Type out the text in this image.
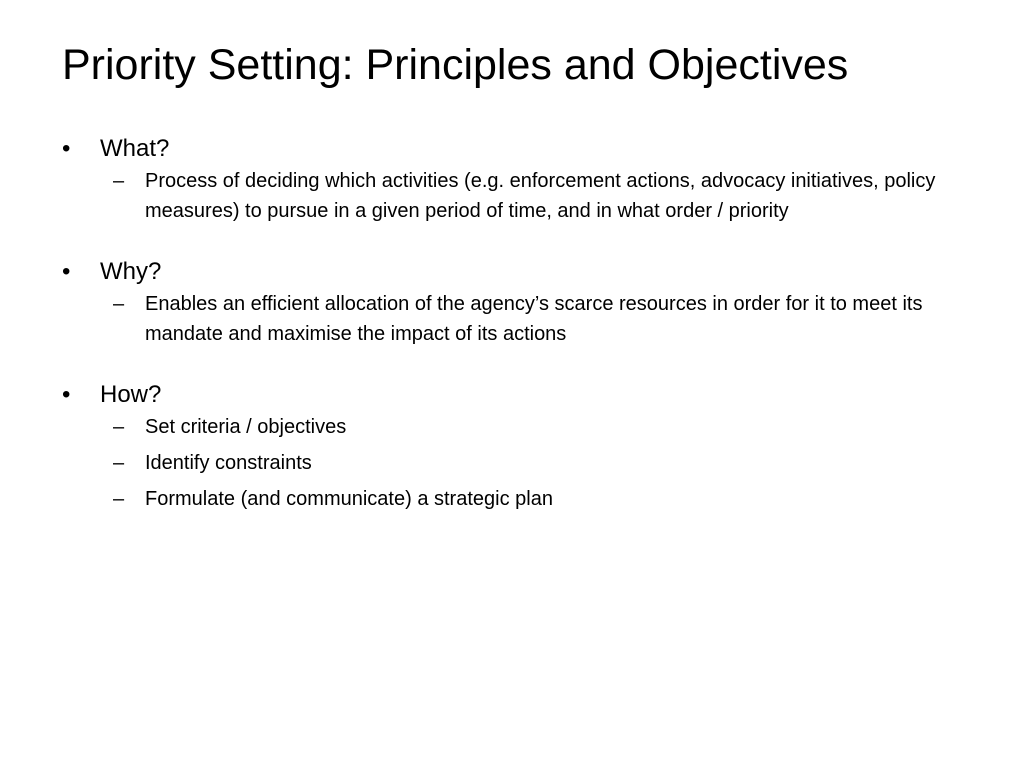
Priority Setting: Principles and Objectives
•	What?
–	Process of deciding which activities (e.g. enforcement actions, advocacy initiatives, policy measures) to pursue in a given period of time, and in what order / priority
•	Why?
–	Enables an efficient allocation of the agency’s scarce resources in order for it to meet its mandate and maximise the impact of its actions
•	How?
–	Set criteria / objectives
–	Identify constraints
–	Formulate (and communicate) a strategic plan
